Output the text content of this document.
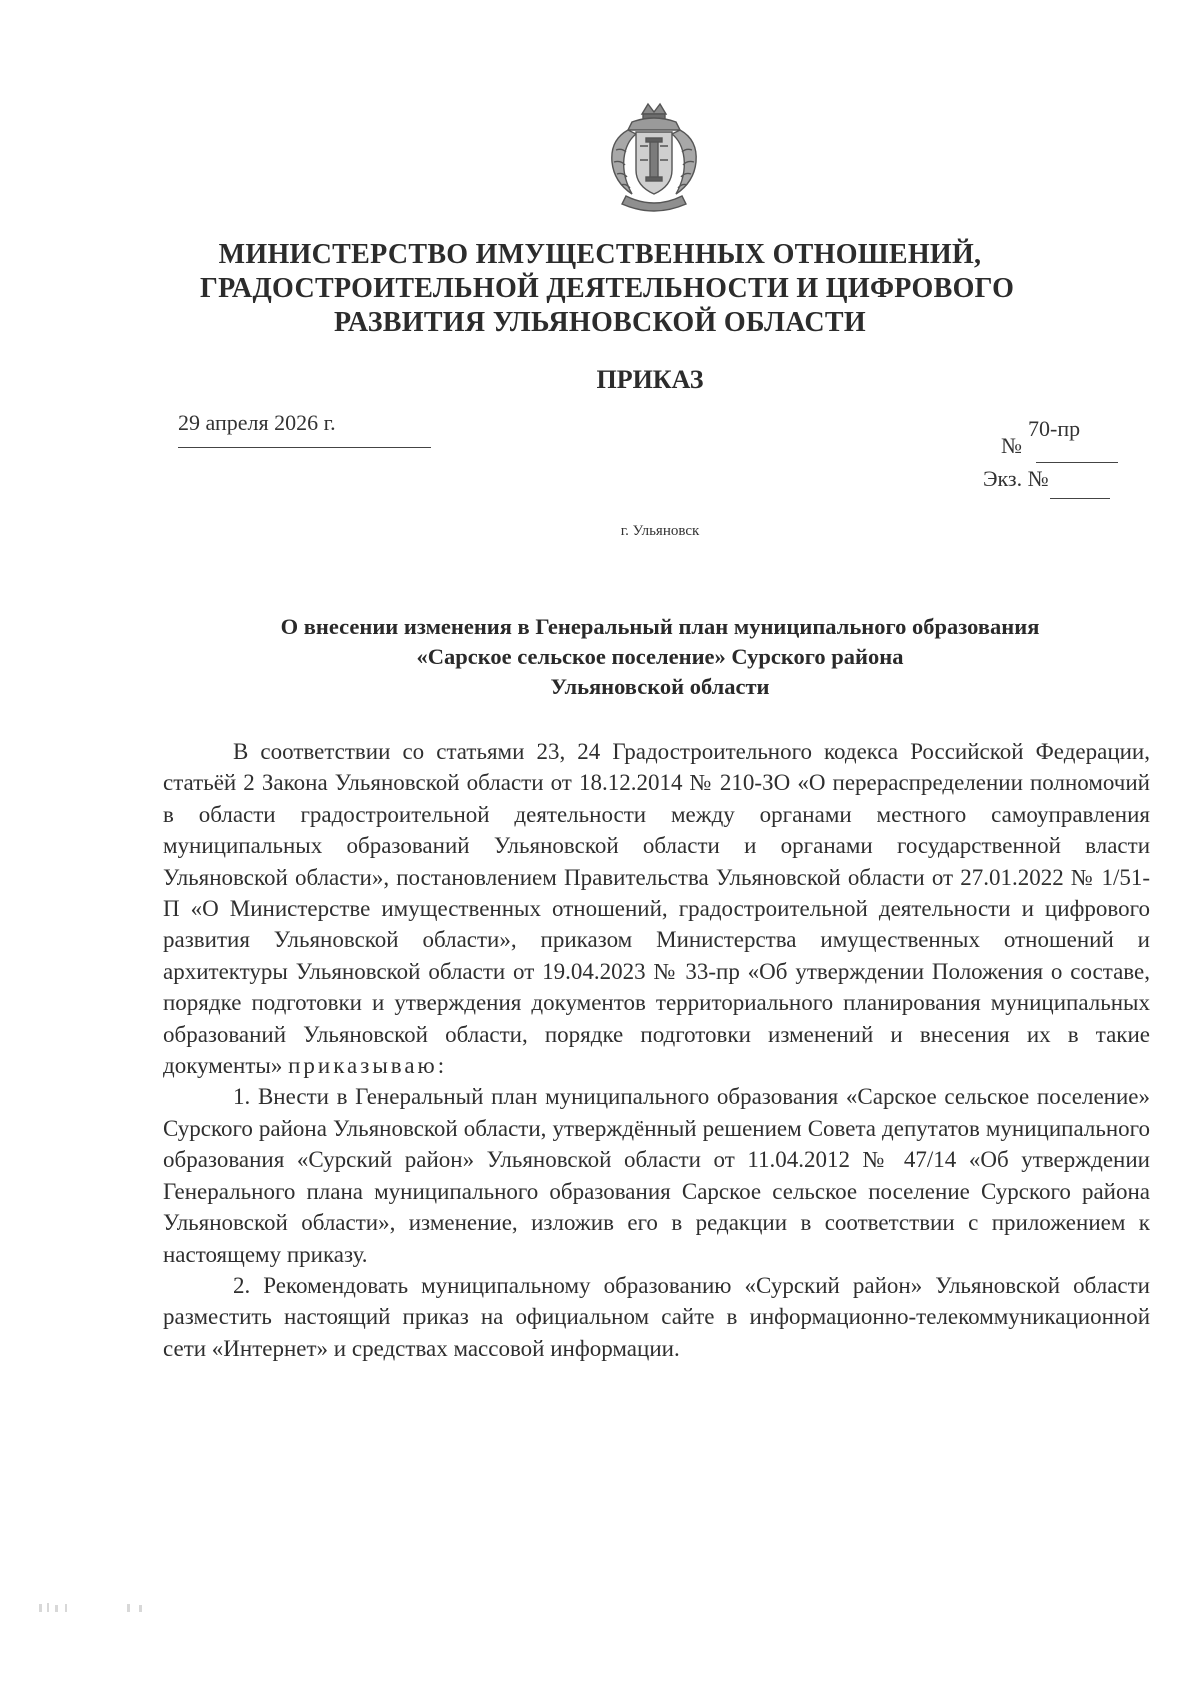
МИНИСТЕРСТВО ИМУЩЕСТВЕННЫХ ОТНОШЕНИЙ,
ГРАДОСТРОИТЕЛЬНОЙ ДЕЯТЕЛЬНОСТИ И ЦИФРОВОГО
РАЗВИТИЯ УЛЬЯНОВСКОЙ ОБЛАСТИ
ПРИКАЗ
29 апреля 2026 г.	70-пр
№
Экз. №
г. Ульяновск
О внесении изменения в Генеральный план муниципального образования
«Сарское сельское поселение» Сурского района
Ульяновской области

В соответствии со статьями 23, 24 Градостроительного кодекса Российской Федерации, статьёй 2 Закона Ульяновской области от 18.12.2014 № 210-ЗО «О перераспределении полномочий в области градостроительной деятельности между органами местного самоуправления муниципальных образований Ульяновской области и органами государственной власти Ульяновской области», постановлением Правительства Ульяновской области от 27.01.2022 № 1/51-П «О Министерстве имущественных отношений, градостроительной деятельности и цифрового развития Ульяновской области», приказом Министерства имущественных отношений и архитектуры Ульяновской области от 19.04.2023 № 33-пр «Об утверждении Положения о составе, порядке подготовки и утверждения документов территориального планирования муниципальных образований Ульяновской области, порядке подготовки изменений и внесения их в такие документы» приказываю:

1. Внести в Генеральный план муниципального образования «Сарское сельское поселение» Сурского района Ульяновской области, утверждённый решением Совета депутатов муниципального образования «Сурский район» Ульяновской области от 11.04.2012 № 47/14 «Об утверждении Генерального плана муниципального образования Сарское сельское поселение Сурского района Ульяновской области», изменение, изложив его в редакции в соответствии с приложением к настоящему приказу.

2. Рекомендовать муниципальному образованию «Сурский район» Ульяновской области разместить настоящий приказ на официальном сайте в информационно-телекоммуникационной сети «Интернет» и средствах массовой информации.
